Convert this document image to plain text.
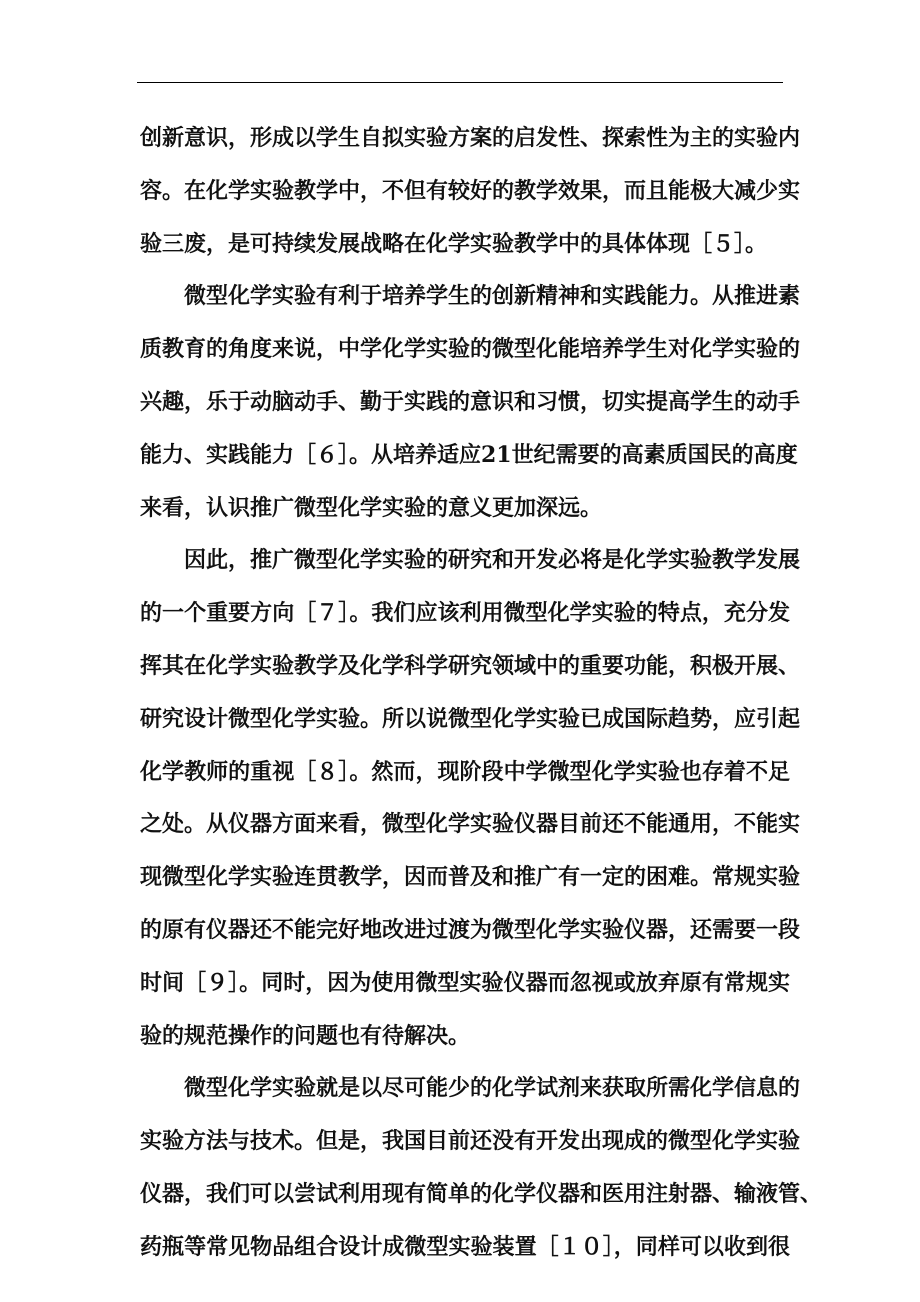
创新意识，形成以学生自拟实验方案的启发性、探索性为主的实验内
容。在化学实验教学中，不但有较好的教学效果，而且能极大减少实
验三废，是可持续发展战略在化学实验教学中的具体体现［５］。
微型化学实验有利于培养学生的创新精神和实践能力。从推进素
质教育的角度来说，中学化学实验的微型化能培养学生对化学实验的
兴趣，乐于动脑动手、勤于实践的意识和习惯，切实提高学生的动手
能力、实践能力［６］。从培养适应21世纪需要的高素质国民的高度
来看，认识推广微型化学实验的意义更加深远。
因此，推广微型化学实验的研究和开发必将是化学实验教学发展
的一个重要方向［７］。我们应该利用微型化学实验的特点，充分发
挥其在化学实验教学及化学科学研究领域中的重要功能，积极开展、
研究设计微型化学实验。所以说微型化学实验已成国际趋势，应引起
化学教师的重视［８］。然而，现阶段中学微型化学实验也存着不足
之处。从仪器方面来看，微型化学实验仪器目前还不能通用，不能实
现微型化学实验连贯教学，因而普及和推广有一定的困难。常规实验
的原有仪器还不能完好地改进过渡为微型化学实验仪器，还需要一段
时间［９］。同时，因为使用微型实验仪器而忽视或放弃原有常规实
验的规范操作的问题也有待解决。
微型化学实验就是以尽可能少的化学试剂来获取所需化学信息的
实验方法与技术。但是，我国目前还没有开发出现成的微型化学实验
仪器，我们可以尝试利用现有简单的化学仪器和医用注射器、输液管、
药瓶等常见物品组合设计成微型实验装置［１０］，同样可以收到很
